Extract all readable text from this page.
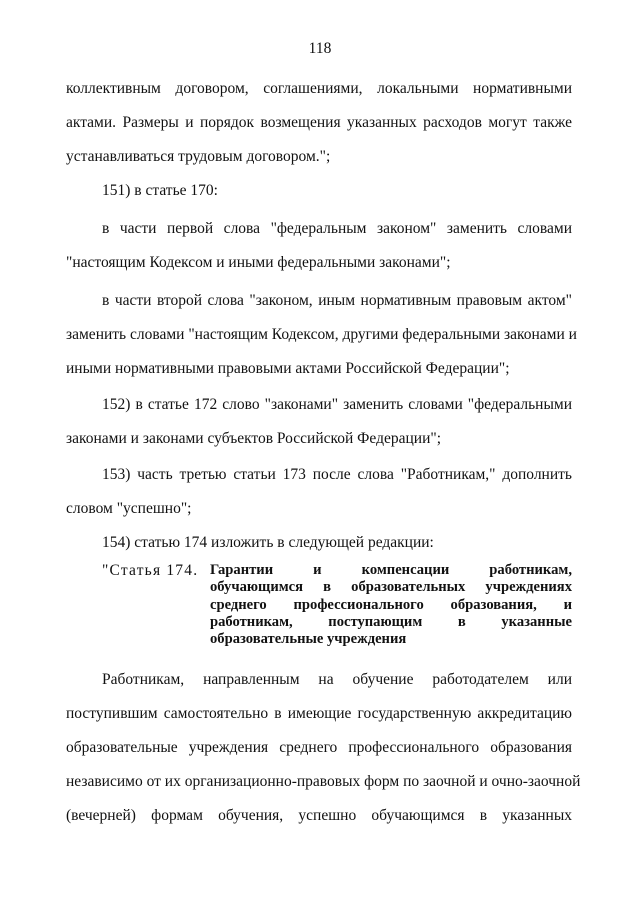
118
коллективным договором, соглашениями, локальными нормативными
актами. Размеры и порядок возмещения указанных расходов могут также
устанавливаться трудовым договором.";
151) в статье 170:
в части первой слова "федеральным законом" заменить словами
"настоящим Кодексом и иными федеральными законами";
в части второй слова "законом, иным нормативным правовым актом"
заменить словами "настоящим Кодексом, другими федеральными законами и
иными нормативными правовыми актами Российской Федерации";
152) в статье 172 слово "законами" заменить словами "федеральными
законами и законами субъектов Российской Федерации";
153) часть третью статьи 173 после слова "Работникам," дополнить
словом "успешно";
154) статью 174 изложить в следующей редакции:
"Статья 174. Гарантии и компенсации работникам,
обучающимся в образовательных учреждениях
среднего профессионального образования, и
работникам, поступающим в указанные
образовательные учреждения
Работникам, направленным на обучение работодателем или
поступившим самостоятельно в имеющие государственную аккредитацию
образовательные учреждения среднего профессионального образования
независимо от их организационно-правовых форм по заочной и очно-заочной
(вечерней) формам обучения, успешно обучающимся в указанных
